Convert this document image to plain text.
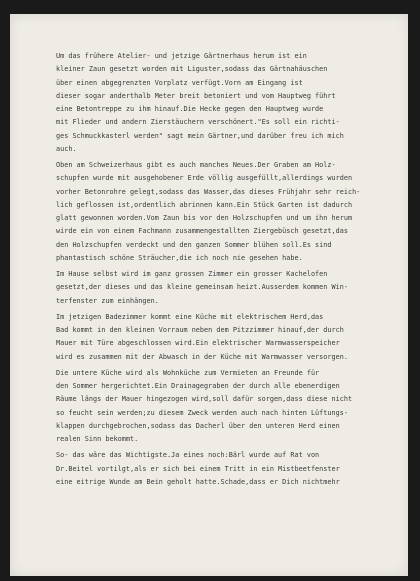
Um das frühere Atelier- und jetzige Gärtnerhaus herum ist ein
kleiner Zaun gesetzt worden mit Liguster,sodass das Gärtnahäuschen
über einen abgegrenzten Vorplatz verfügt.Vorn am Eingang ist
dieser sogar anderthalb Meter breit betoniert und vom Hauptweg führt
eine Betontreppe zu ihm hinauf.Die Hecke gegen den Hauptweg wurde
mit Flieder und andern Zierstäuchern verschönert."Es soll ein richti-
ges Schmuckkasterl werden" sagt mein Gärtner,und darüber freu ich mich
auch.
Oben am Schweizerhaus gibt es auch manches Neues.Der Graben am Holz-
schupfen wurde mit ausgehobener Erde völlig ausgefüllt,allerdings wurden
vorher Betonrohre gelegt,sodass das Wasser,das dieses Frühjahr sehr reich-
lich geflossen ist,ordentlich abrinnen kann.Ein Stück Garten ist dadurch
glatt gewonnen worden.Vom Zaun bis vor den Holzschupfen und um ihn herum
wirde ein von einem Fachmann zusammengestallten Ziergebüsch gesetzt,das
den Holzschupfen verdeckt und den ganzen Sommer blühen soll.Es sind
phantastisch schöne Sträucher,die ich noch nie gesehen habe.
Im Hause selbst wird im ganz grossen Zimmer ein grosser Kachelofen
gesetzt,der dieses und das kleine gemeinsam heizt.Ausserdem kommen Win-
terfenster zum einhängen.
Im jetzigen Badezimmer kommt eine Küche mit elektrischem Herd,das
Bad kommt in den kleinen Vorraum neben dem Pitzzimmer hinauf,der durch
Mauer mit Türe abgeschlossen wird.Ein elektrischer Warmwasserspeicher
wird es zusammen mit der Abwasch in der Küche mit Warmwasser versorgen.
Die untere Küche wird als Wohnküche zum Vermieten an Freunde für
den Sommer hergerichtet.Ein Drainagegraben der durch alle ebenerdigen
Räume längs der Mauer hingezogen wird,soll dafür sorgen,dass diese nicht
so feucht sein werden;zu diesem Zweck werden auch nach hinten Lüftungs-
klappen durchgebrochen,sodass das Dacherl über den unteren Herd einen
realen Sinn bekommt.
So- das wäre das Wichtigste.Ja eines noch:Bärl wurde auf Rat von
Dr.Beitel vortilgt,als er sich bei einem Tritt in ein Mistbeetfenster
eine eitrige Wunde am Bein geholt hatte.Schade,dass er Dich nichtmehr
